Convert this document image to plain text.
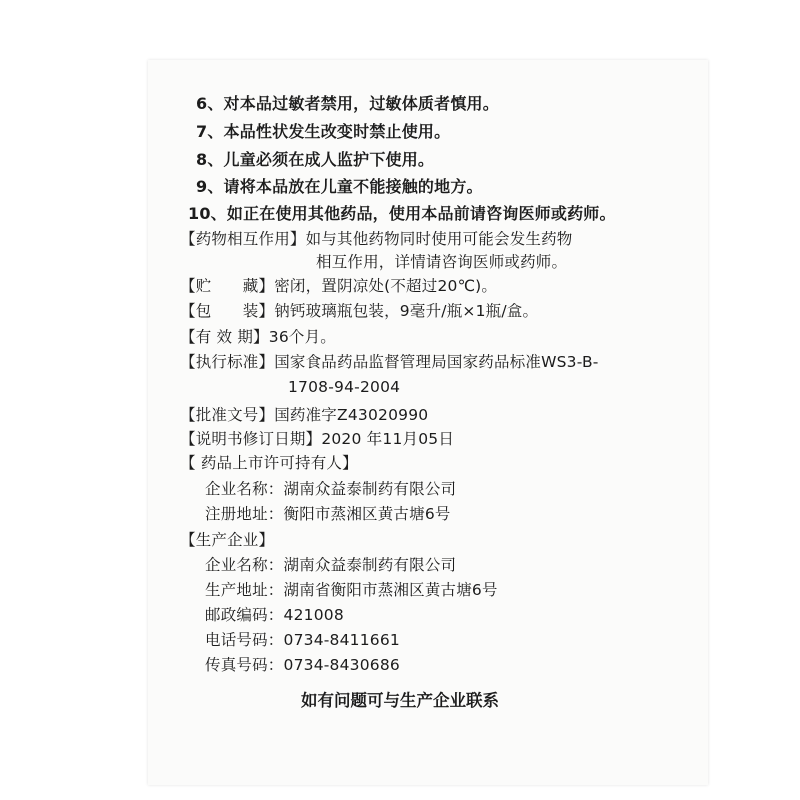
6、对本品过敏者禁用，过敏体质者慎用。
7、本品性状发生改变时禁止使用。
8、儿童必须在成人监护下使用。
9、请将本品放在儿童不能接触的地方。
10、如正在使用其他药品，使用本品前请咨询医师或药师。
【药物相互作用】如与其他药物同时使用可能会发生药物
相互作用，详情请咨询医师或药师。
【贮　　藏】密闭，置阴凉处(不超过20℃)。
【包　　装】钠钙玻璃瓶包装，9毫升/瓶×1瓶/盒。
【有 效 期】36个月。
【执行标准】国家食品药品监督管理局国家药品标准WS3-B-
1708-94-2004
【批准文号】国药准字Z43020990
【说明书修订日期】2020 年11月05日
【 药品上市许可持有人】
企业名称：湖南众益泰制药有限公司
注册地址：衡阳市蒸湘区黄古塘6号
【生产企业】
企业名称：湖南众益泰制药有限公司
生产地址：湖南省衡阳市蒸湘区黄古塘6号
邮政编码：421008
电话号码：0734-8411661
传真号码：0734-8430686
如有问题可与生产企业联系
